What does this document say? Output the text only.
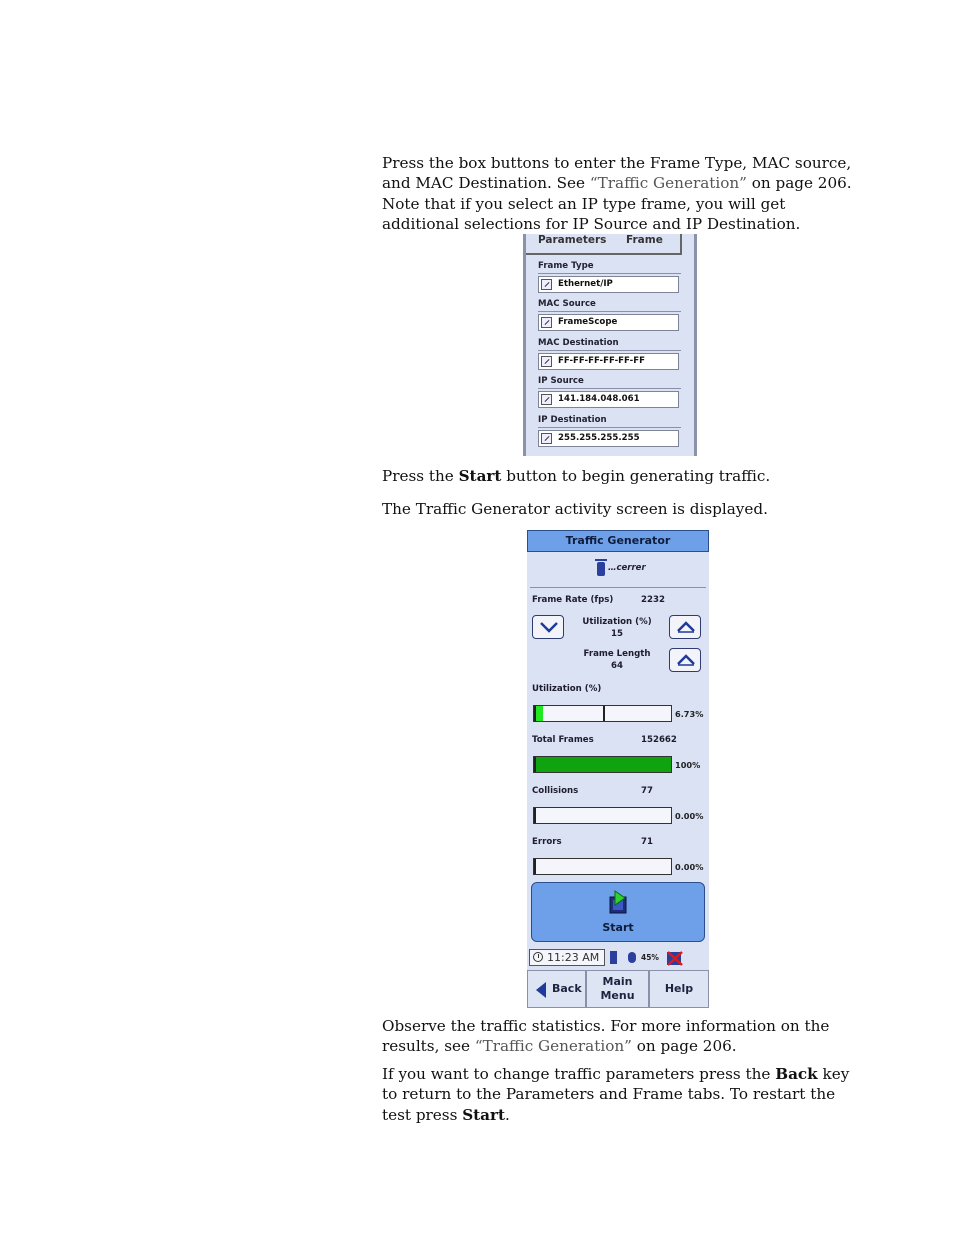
Press the box buttons to enter the Frame Type, MAC source, and MAC Destination. See “Traffic Generation” on page 206. Note that if you select an IP type frame, you will get additional selections for IP Source and IP Destination.

Parameters Frame
Frame Type
Ethernet/IP
MAC Source
FrameScope
MAC Destination
FF-FF-FF-FF-FF-FF
IP Source
141.184.048.061
IP Destination
255.255.255.255

Press the Start button to begin generating traffic.

The Traffic Generator activity screen is displayed.

Traffic Generator
…cerrer
Frame Rate (fps)	2232
Utilization (%)
15
Frame Length
64
Utilization (%)
6.73%
Total Frames	152662
100%
Collisions	77
0.00%
Errors	71
0.00%
Start
11:23 AM	45%
Back
Main
Menu
Help

Observe the traffic statistics. For more information on the results, see “Traffic Generation” on page 206.

If you want to change traffic parameters press the Back key to return to the Parameters and Frame tabs. To restart the test press Start.
